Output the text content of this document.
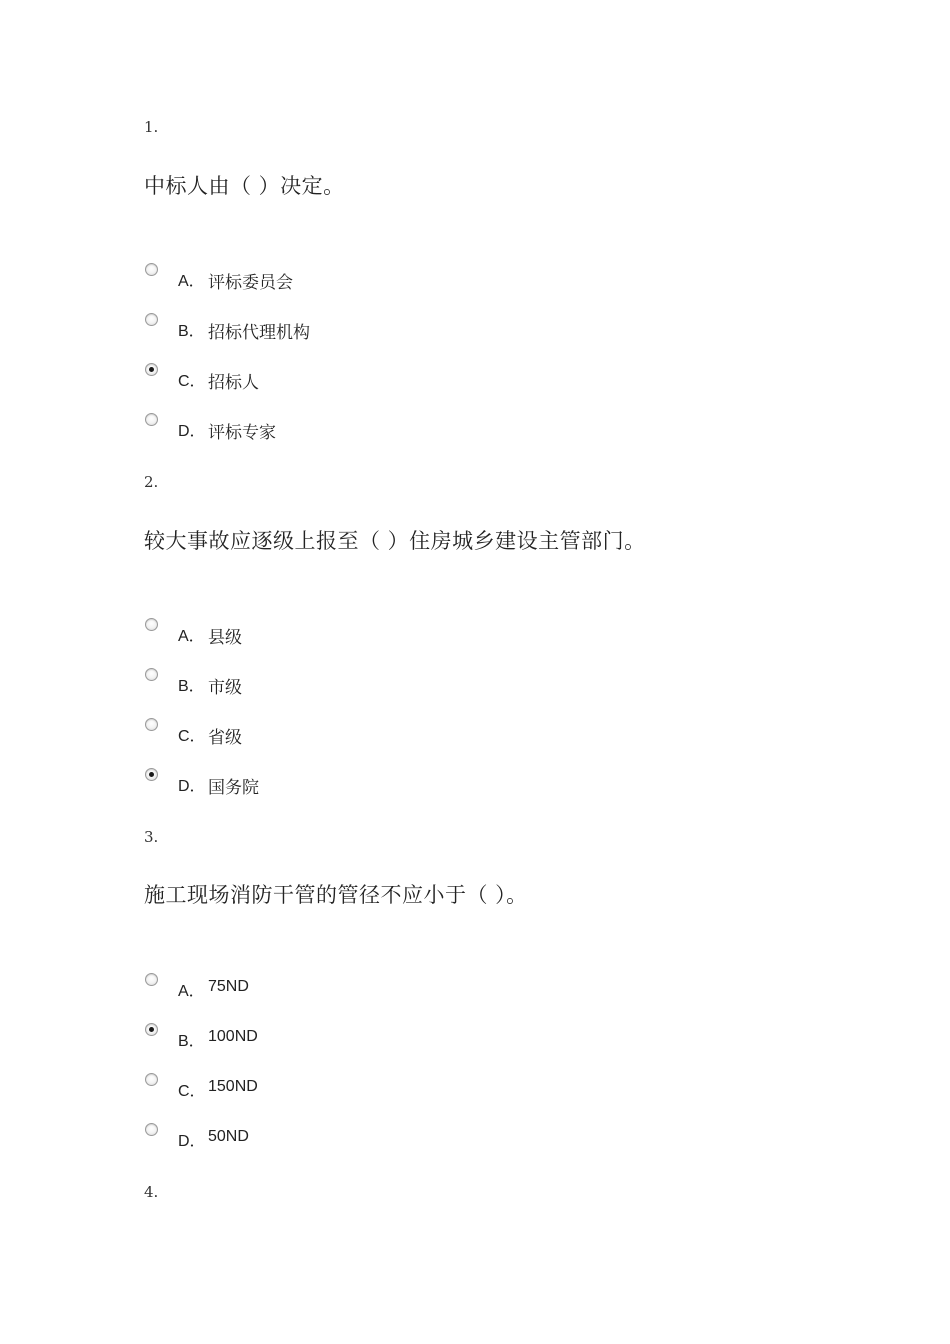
1.
中标人由（ ）决定。
A． 评标委员会
B． 招标代理机构
C． 招标人
D． 评标专家
2.
较大事故应逐级上报至（ ）住房城乡建设主管部门。
A． 县级
B． 市级
C． 省级
D． 国务院
3.
施工现场消防干管的管径不应小于（ ）。
A． 75ND
B． 100ND
C． 150ND
D． 50ND
4.
